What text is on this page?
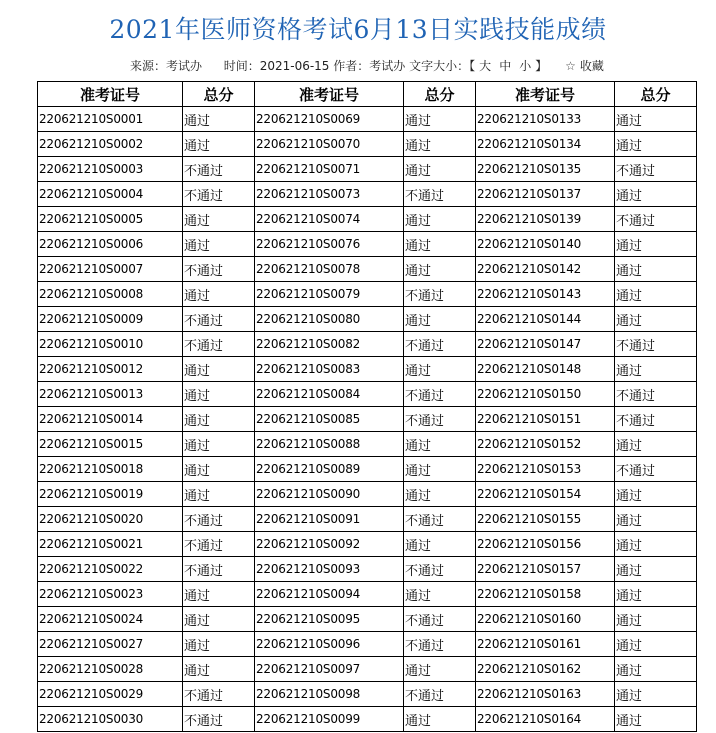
2021年医师资格考试6月13日实践技能成绩
来源：考试办 时间：2021-06-15 作者：考试办 文字大小：【 大 中 小 】 ☆ 收藏
准考证号	总分	准考证号	总分	准考证号	总分
220621210S0001	通过	220621210S0069	通过	220621210S0133	通过
220621210S0002	通过	220621210S0070	通过	220621210S0134	通过
220621210S0003	不通过	220621210S0071	通过	220621210S0135	不通过
220621210S0004	不通过	220621210S0073	不通过	220621210S0137	通过
220621210S0005	通过	220621210S0074	通过	220621210S0139	不通过
220621210S0006	通过	220621210S0076	通过	220621210S0140	通过
220621210S0007	不通过	220621210S0078	通过	220621210S0142	通过
220621210S0008	通过	220621210S0079	不通过	220621210S0143	通过
220621210S0009	不通过	220621210S0080	通过	220621210S0144	通过
220621210S0010	不通过	220621210S0082	不通过	220621210S0147	不通过
220621210S0012	通过	220621210S0083	通过	220621210S0148	通过
220621210S0013	通过	220621210S0084	不通过	220621210S0150	不通过
220621210S0014	通过	220621210S0085	不通过	220621210S0151	不通过
220621210S0015	通过	220621210S0088	通过	220621210S0152	通过
220621210S0018	通过	220621210S0089	通过	220621210S0153	不通过
220621210S0019	通过	220621210S0090	通过	220621210S0154	通过
220621210S0020	不通过	220621210S0091	不通过	220621210S0155	通过
220621210S0021	不通过	220621210S0092	通过	220621210S0156	通过
220621210S0022	不通过	220621210S0093	不通过	220621210S0157	通过
220621210S0023	通过	220621210S0094	通过	220621210S0158	通过
220621210S0024	通过	220621210S0095	不通过	220621210S0160	通过
220621210S0027	通过	220621210S0096	不通过	220621210S0161	通过
220621210S0028	通过	220621210S0097	通过	220621210S0162	通过
220621210S0029	不通过	220621210S0098	不通过	220621210S0163	通过
220621210S0030	不通过	220621210S0099	通过	220621210S0164	通过
